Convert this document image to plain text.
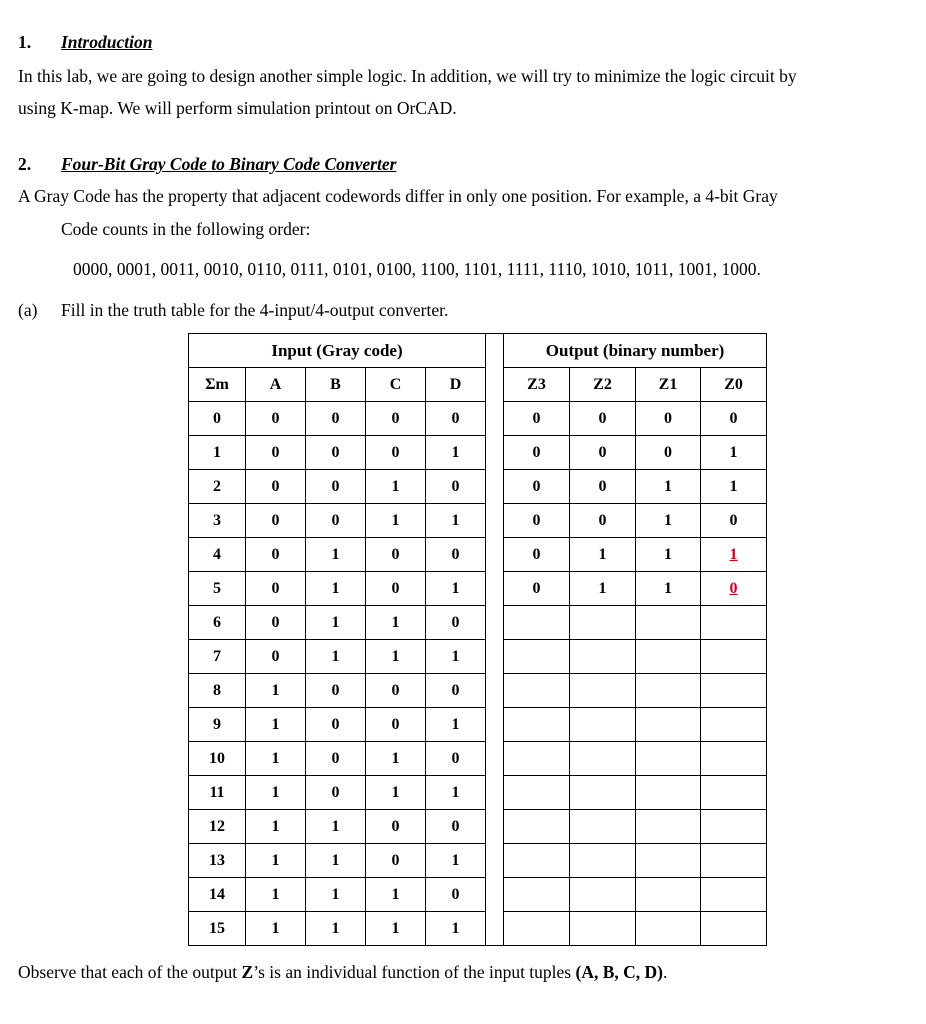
1. Introduction
In this lab, we are going to design another simple logic. In addition, we will try to minimize the logic circuit by
using K-map. We will perform simulation printout on OrCAD.
2. Four-Bit Gray Code to Binary Code Converter
A Gray Code has the property that adjacent codewords differ in only one position. For example, a 4-bit Gray
Code counts in the following order:
0000, 0001, 0011, 0010, 0110, 0111, 0101, 0100, 1100, 1101, 1111, 1110, 1010, 1011, 1001, 1000.
(a) Fill in the truth table for the 4-input/4-output converter.
Input (Gray code)						Output (binary number)			
Σm	A	B	C	D		Z3	Z2	Z1	Z0
0	0	0	0	0		0	0	0	0
1	0	0	0	1		0	0	0	1
2	0	0	1	0		0	0	1	1
3	0	0	1	1		0	0	1	0
4	0	1	0	0		0	1	1	1
5	0	1	0	1		0	1	1	0
6	0	1	1	0					
7	0	1	1	1					
8	1	0	0	0					
9	1	0	0	1					
10	1	0	1	0					
11	1	0	1	1					
12	1	1	0	0					
13	1	1	0	1					
14	1	1	1	0					
15	1	1	1	1					
Observe that each of the output Z’s is an individual function of the input tuples (A, B, C, D).
